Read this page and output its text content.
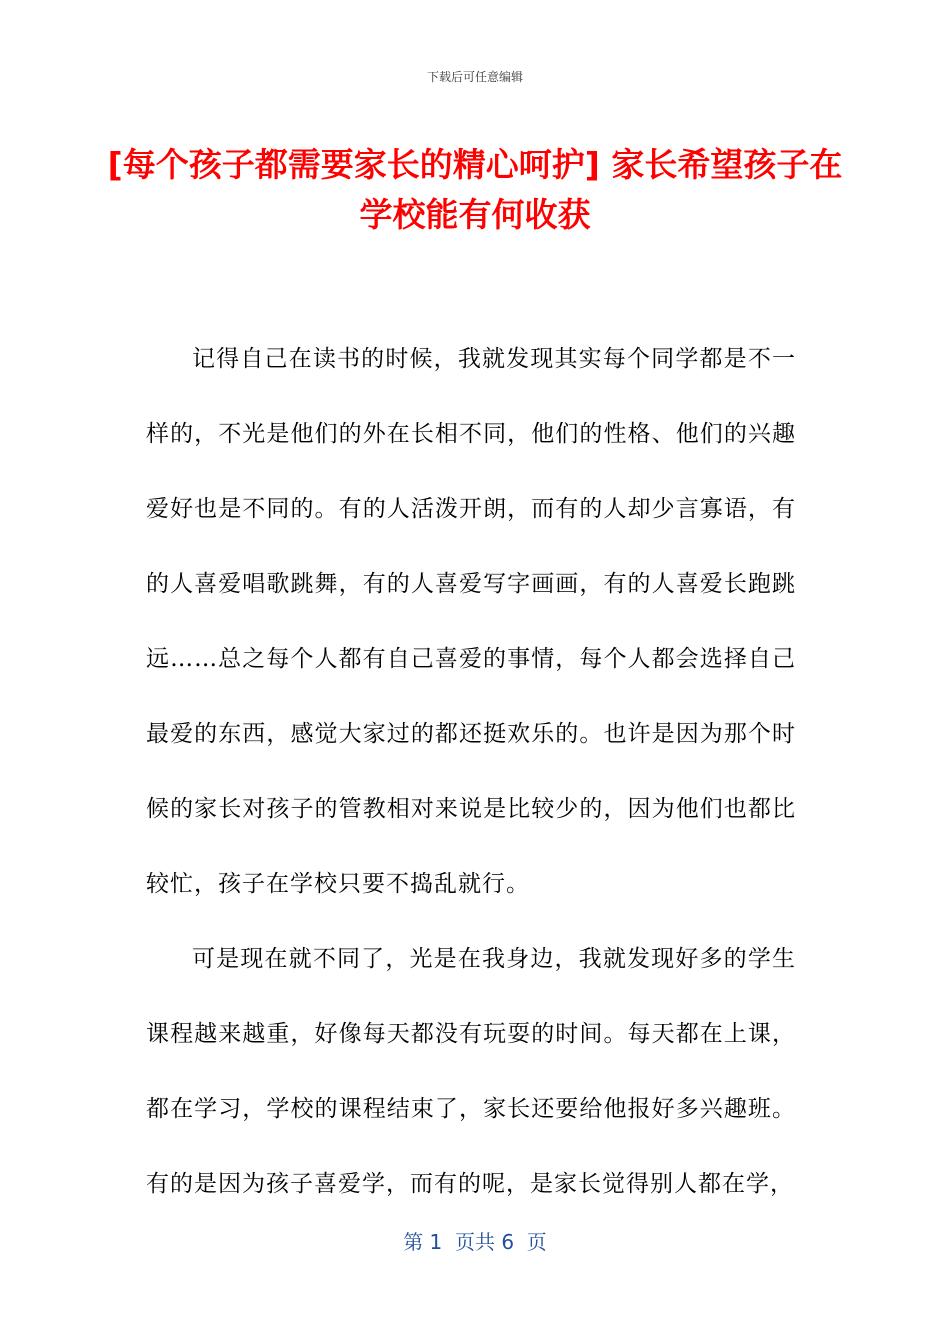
下载后可任意编辑
[每个孩子都需要家长的精心呵护] 家长希望孩子在学校能有何收获

记得自己在读书的时候，我就发现其实每个同学都是不一样的，不光是他们的外在长相不同，他们的性格、他们的兴趣爱好也是不同的。有的人活泼开朗，而有的人却少言寡语，有的人喜爱唱歌跳舞，有的人喜爱写字画画，有的人喜爱长跑跳远……总之每个人都有自己喜爱的事情，每个人都会选择自己最爱的东西，感觉大家过的都还挺欢乐的。也许是因为那个时候的家长对孩子的管教相对来说是比较少的，因为他们也都比较忙，孩子在学校只要不捣乱就行。

可是现在就不同了，光是在我身边，我就发现好多的学生课程越来越重，好像每天都没有玩耍的时间。每天都在上课，都在学习，学校的课程结束了，家长还要给他报好多兴趣班。有的是因为孩子喜爱学，而有的呢，是家长觉得别人都在学，

第 1  页共 6  页
